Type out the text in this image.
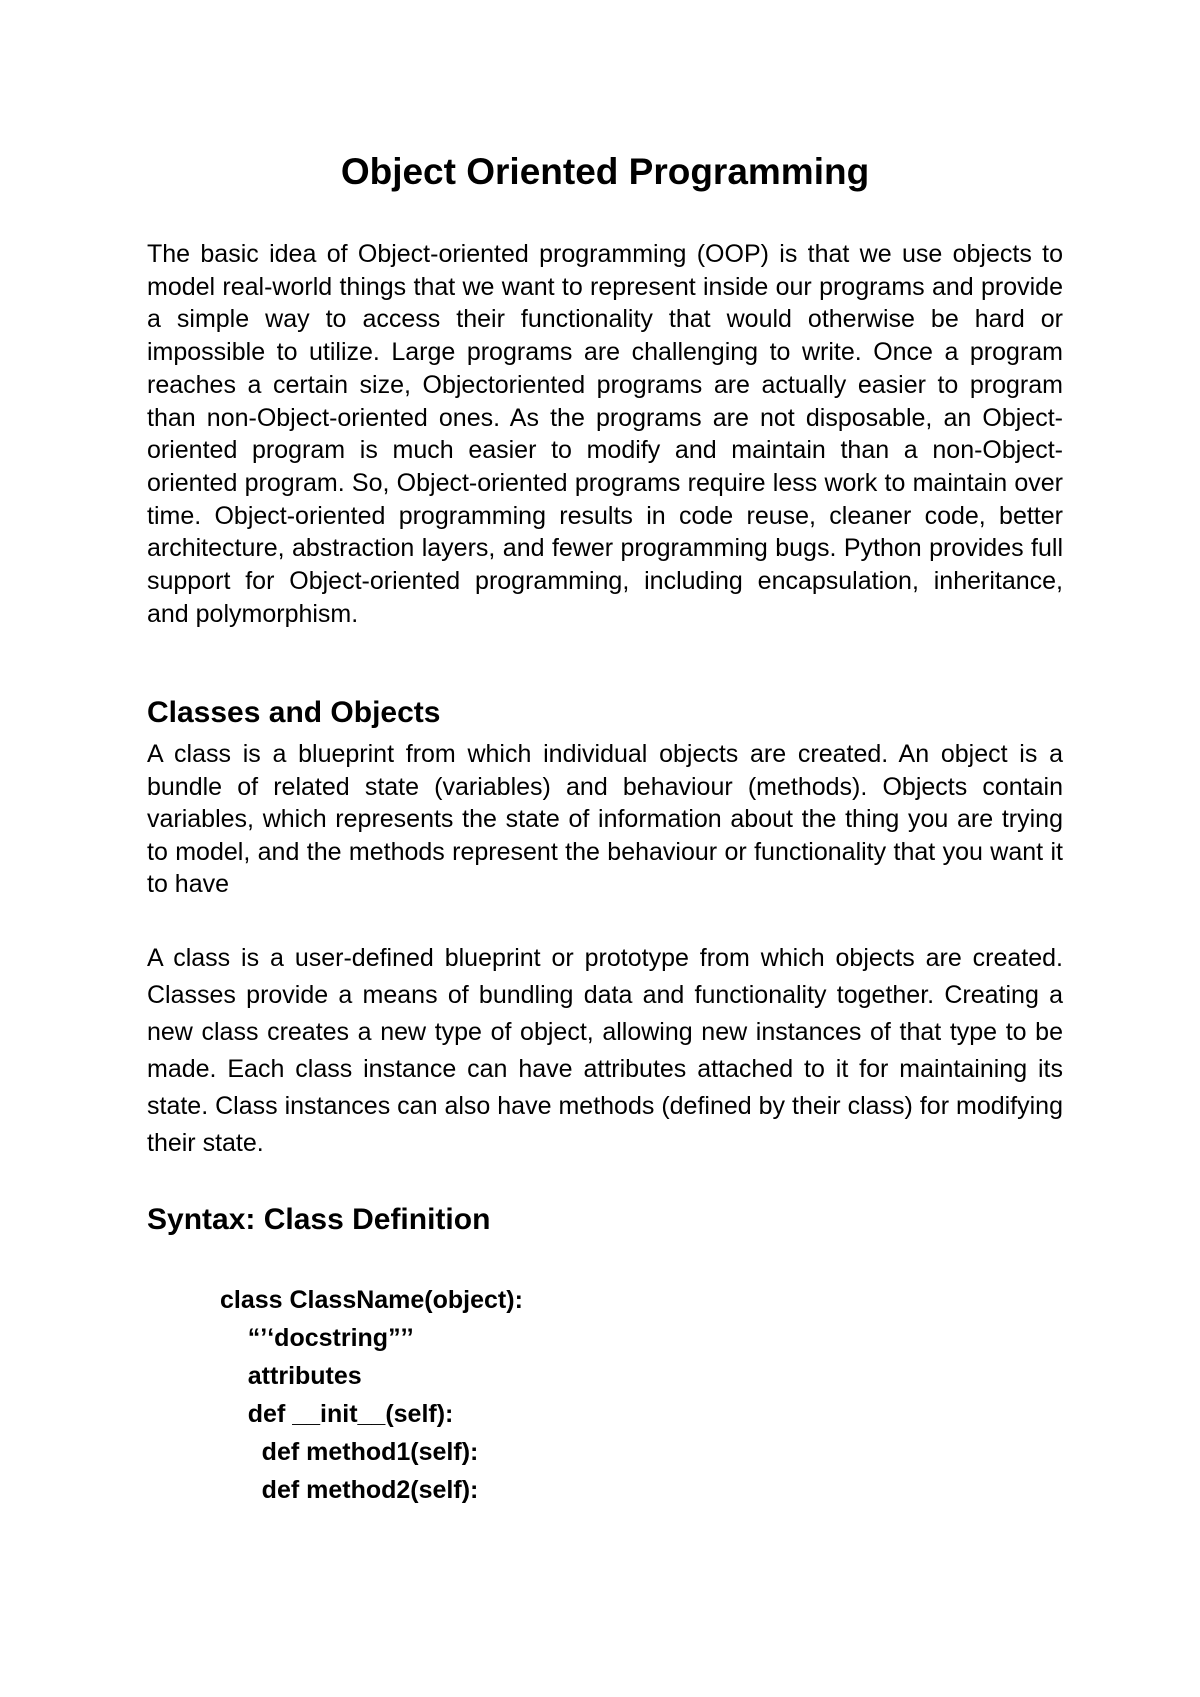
Object Oriented Programming

The basic idea of Object-oriented programming (OOP) is that we use objects to model real-world things that we want to represent inside our programs and provide a simple way to access their functionality that would otherwise be hard or impossible to utilize. Large programs are challenging to write. Once a program reaches a certain size, Objectoriented programs are actually easier to program than non-Object-oriented ones. As the programs are not disposable, an Object-oriented program is much easier to modify and maintain than a non-Object-oriented program. So, Object-oriented programs require less work to maintain over time. Object-oriented programming results in code reuse, cleaner code, better architecture, abstraction layers, and fewer programming bugs. Python provides full support for Object-oriented programming, including encapsulation, inheritance, and polymorphism.

Classes and Objects

A class is a blueprint from which individual objects are created. An object is a bundle of related state (variables) and behaviour (methods). Objects contain variables, which represents the state of information about the thing you are trying to model, and the methods represent the behaviour or functionality that you want it to have

A class is a user-defined blueprint or prototype from which objects are created. Classes provide a means of bundling data and functionality together. Creating a new class creates a new type of object, allowing new instances of that type to be made. Each class instance can have attributes attached to it for maintaining its state. Class instances can also have methods (defined by their class) for modifying their state.

Syntax: Class Definition
class ClassName(object):
“’‘docstring”’’
attributes
def __init__(self):
def method1(self):
def method2(self):
